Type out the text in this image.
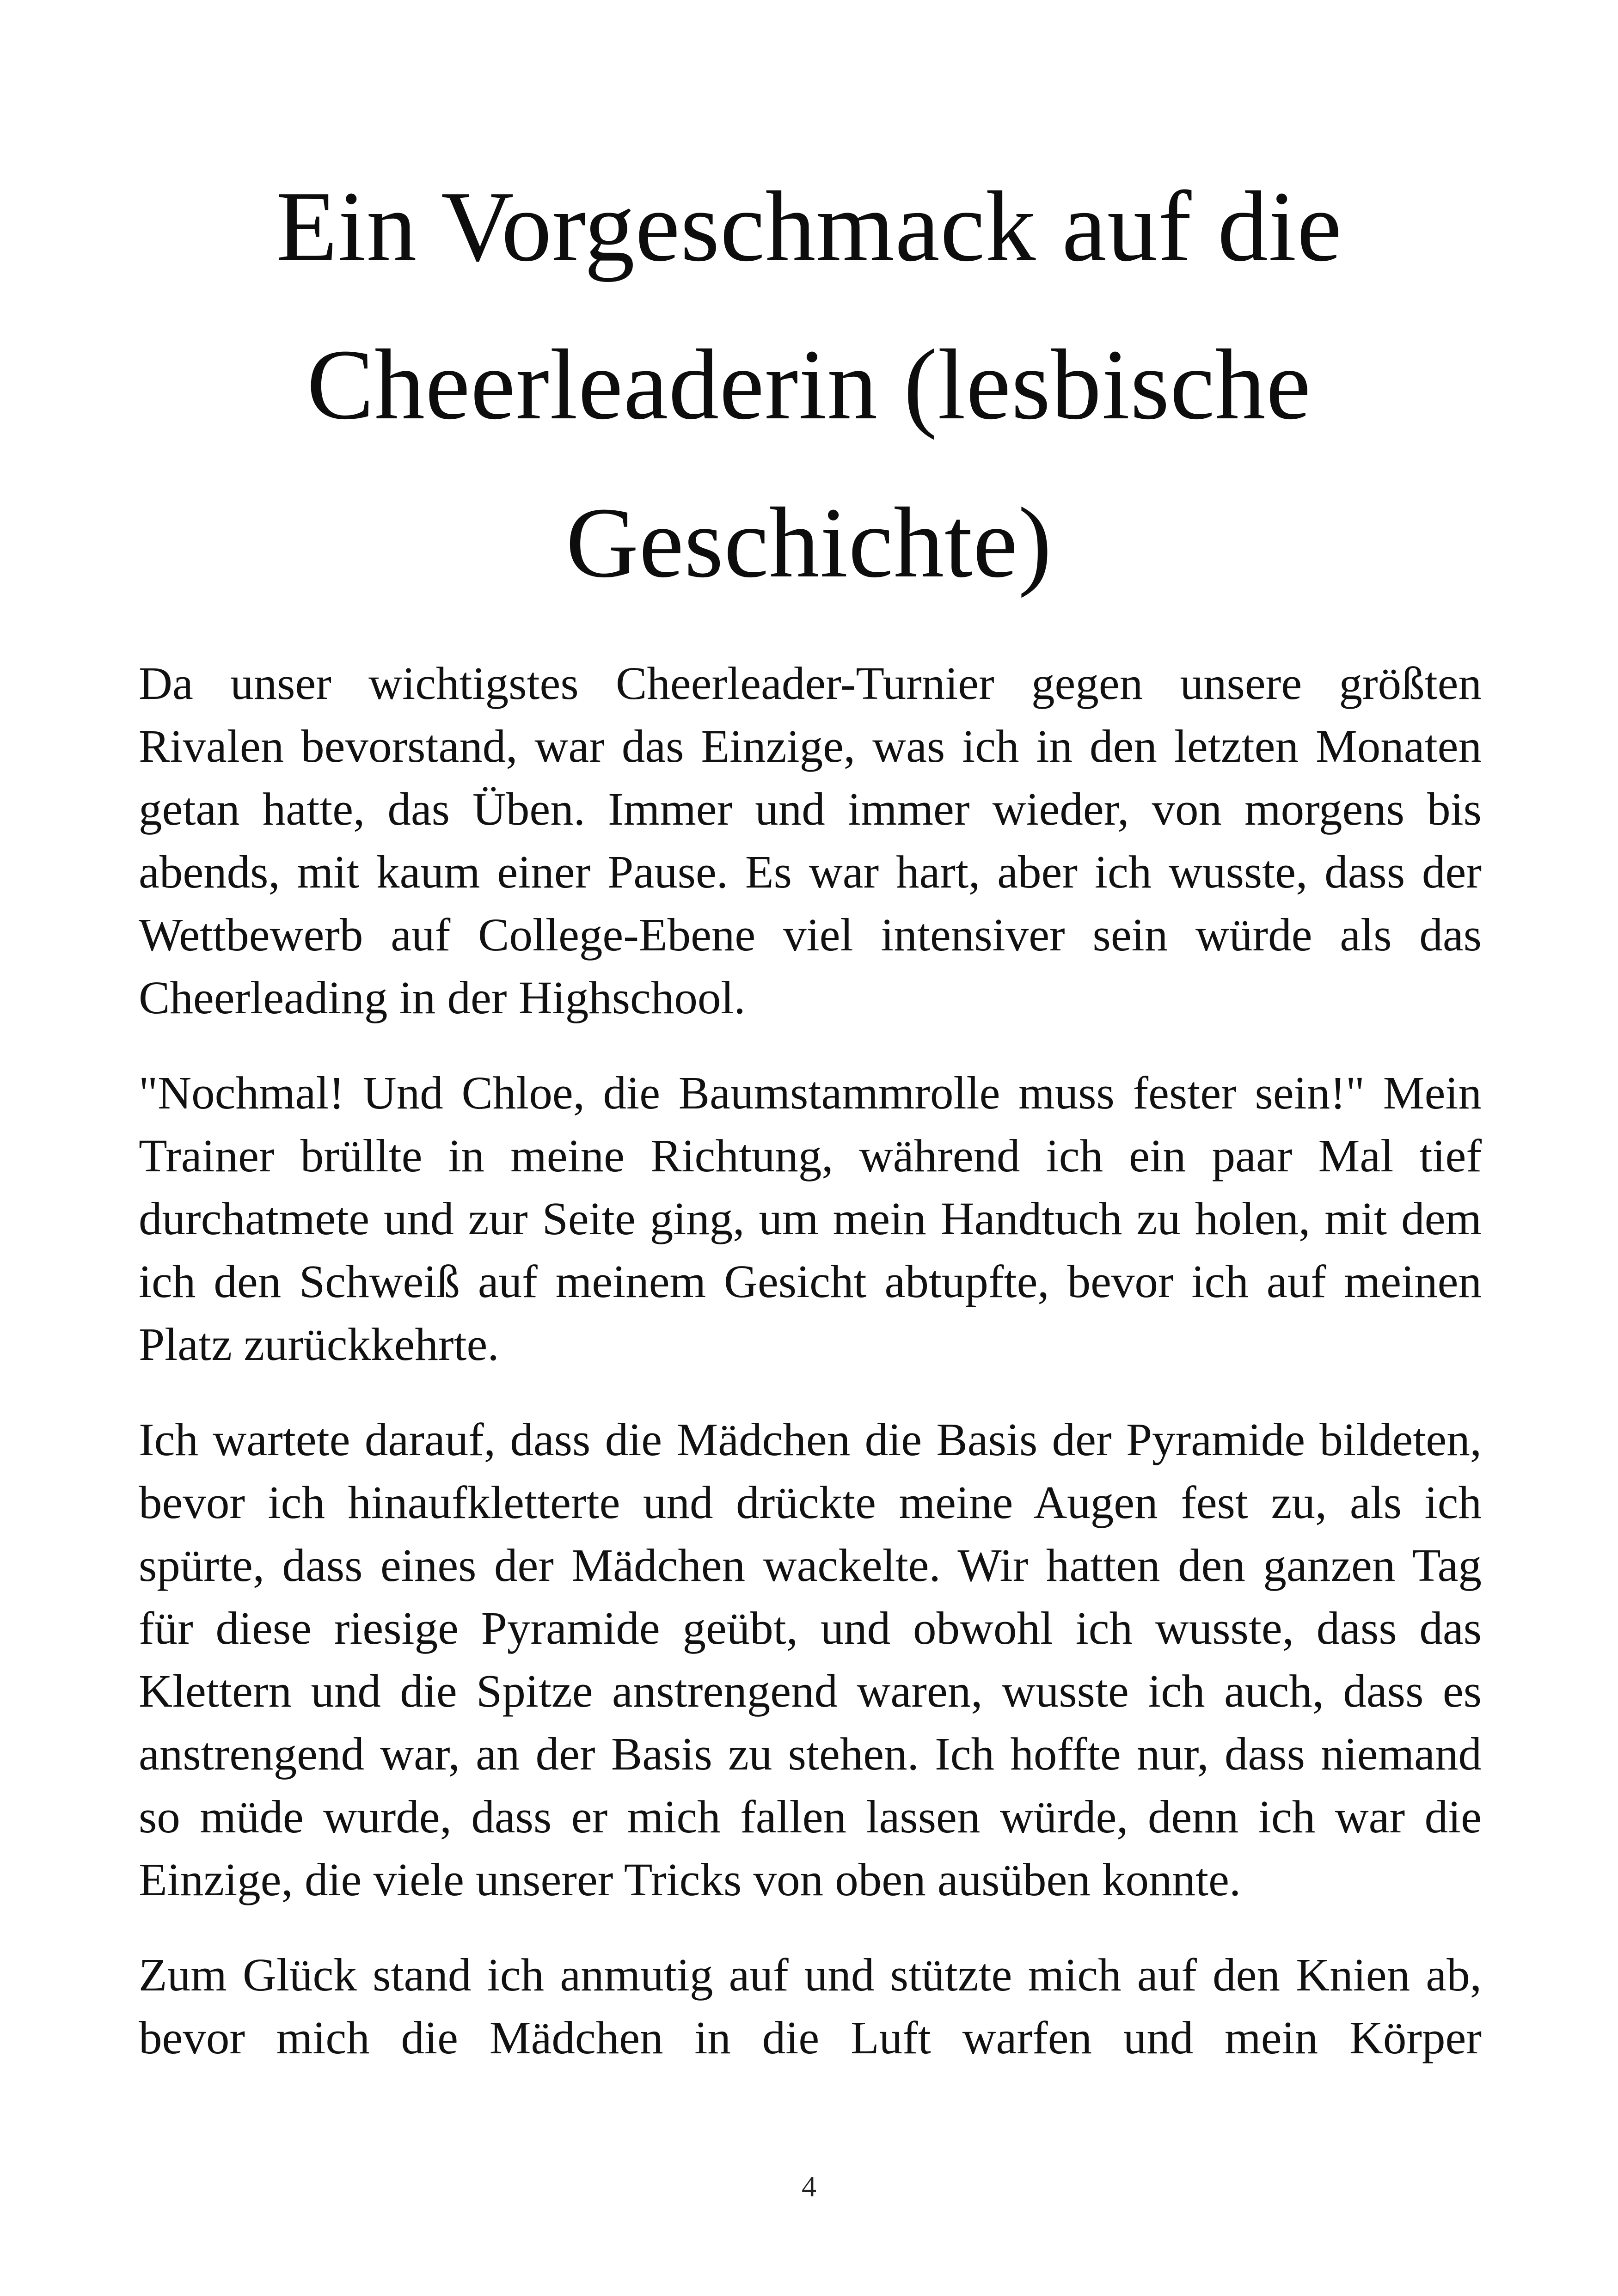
Ein Vorgeschmack auf die
Cheerleaderin (lesbische
Geschichte)

Da unser wichtigstes Cheerleader-Turnier gegen unsere größten Rivalen bevorstand, war das Einzige, was ich in den letzten Monaten getan hatte, das Üben. Immer und immer wieder, von morgens bis abends, mit kaum einer Pause. Es war hart, aber ich wusste, dass der Wettbewerb auf College-Ebene viel intensiver sein würde als das Cheerleading in der Highschool.

"Nochmal! Und Chloe, die Baumstammrolle muss fester sein!" Mein Trainer brüllte in meine Richtung, während ich ein paar Mal tief durchatmete und zur Seite ging, um mein Handtuch zu holen, mit dem ich den Schweiß auf meinem Gesicht abtupfte, bevor ich auf meinen Platz zurückkehrte.

Ich wartete darauf, dass die Mädchen die Basis der Pyramide bildeten, bevor ich hinaufkletterte und drückte meine Augen fest zu, als ich spürte, dass eines der Mädchen wackelte. Wir hatten den ganzen Tag für diese riesige Pyramide geübt, und obwohl ich wusste, dass das Klettern und die Spitze anstrengend waren, wusste ich auch, dass es anstrengend war, an der Basis zu stehen. Ich hoffte nur, dass niemand so müde wurde, dass er mich fallen lassen würde, denn ich war die Einzige, die viele unserer Tricks von oben ausüben konnte.

Zum Glück stand ich anmutig auf und stützte mich auf den Knien ab, bevor mich die Mädchen in die Luft warfen und mein Körper

4
